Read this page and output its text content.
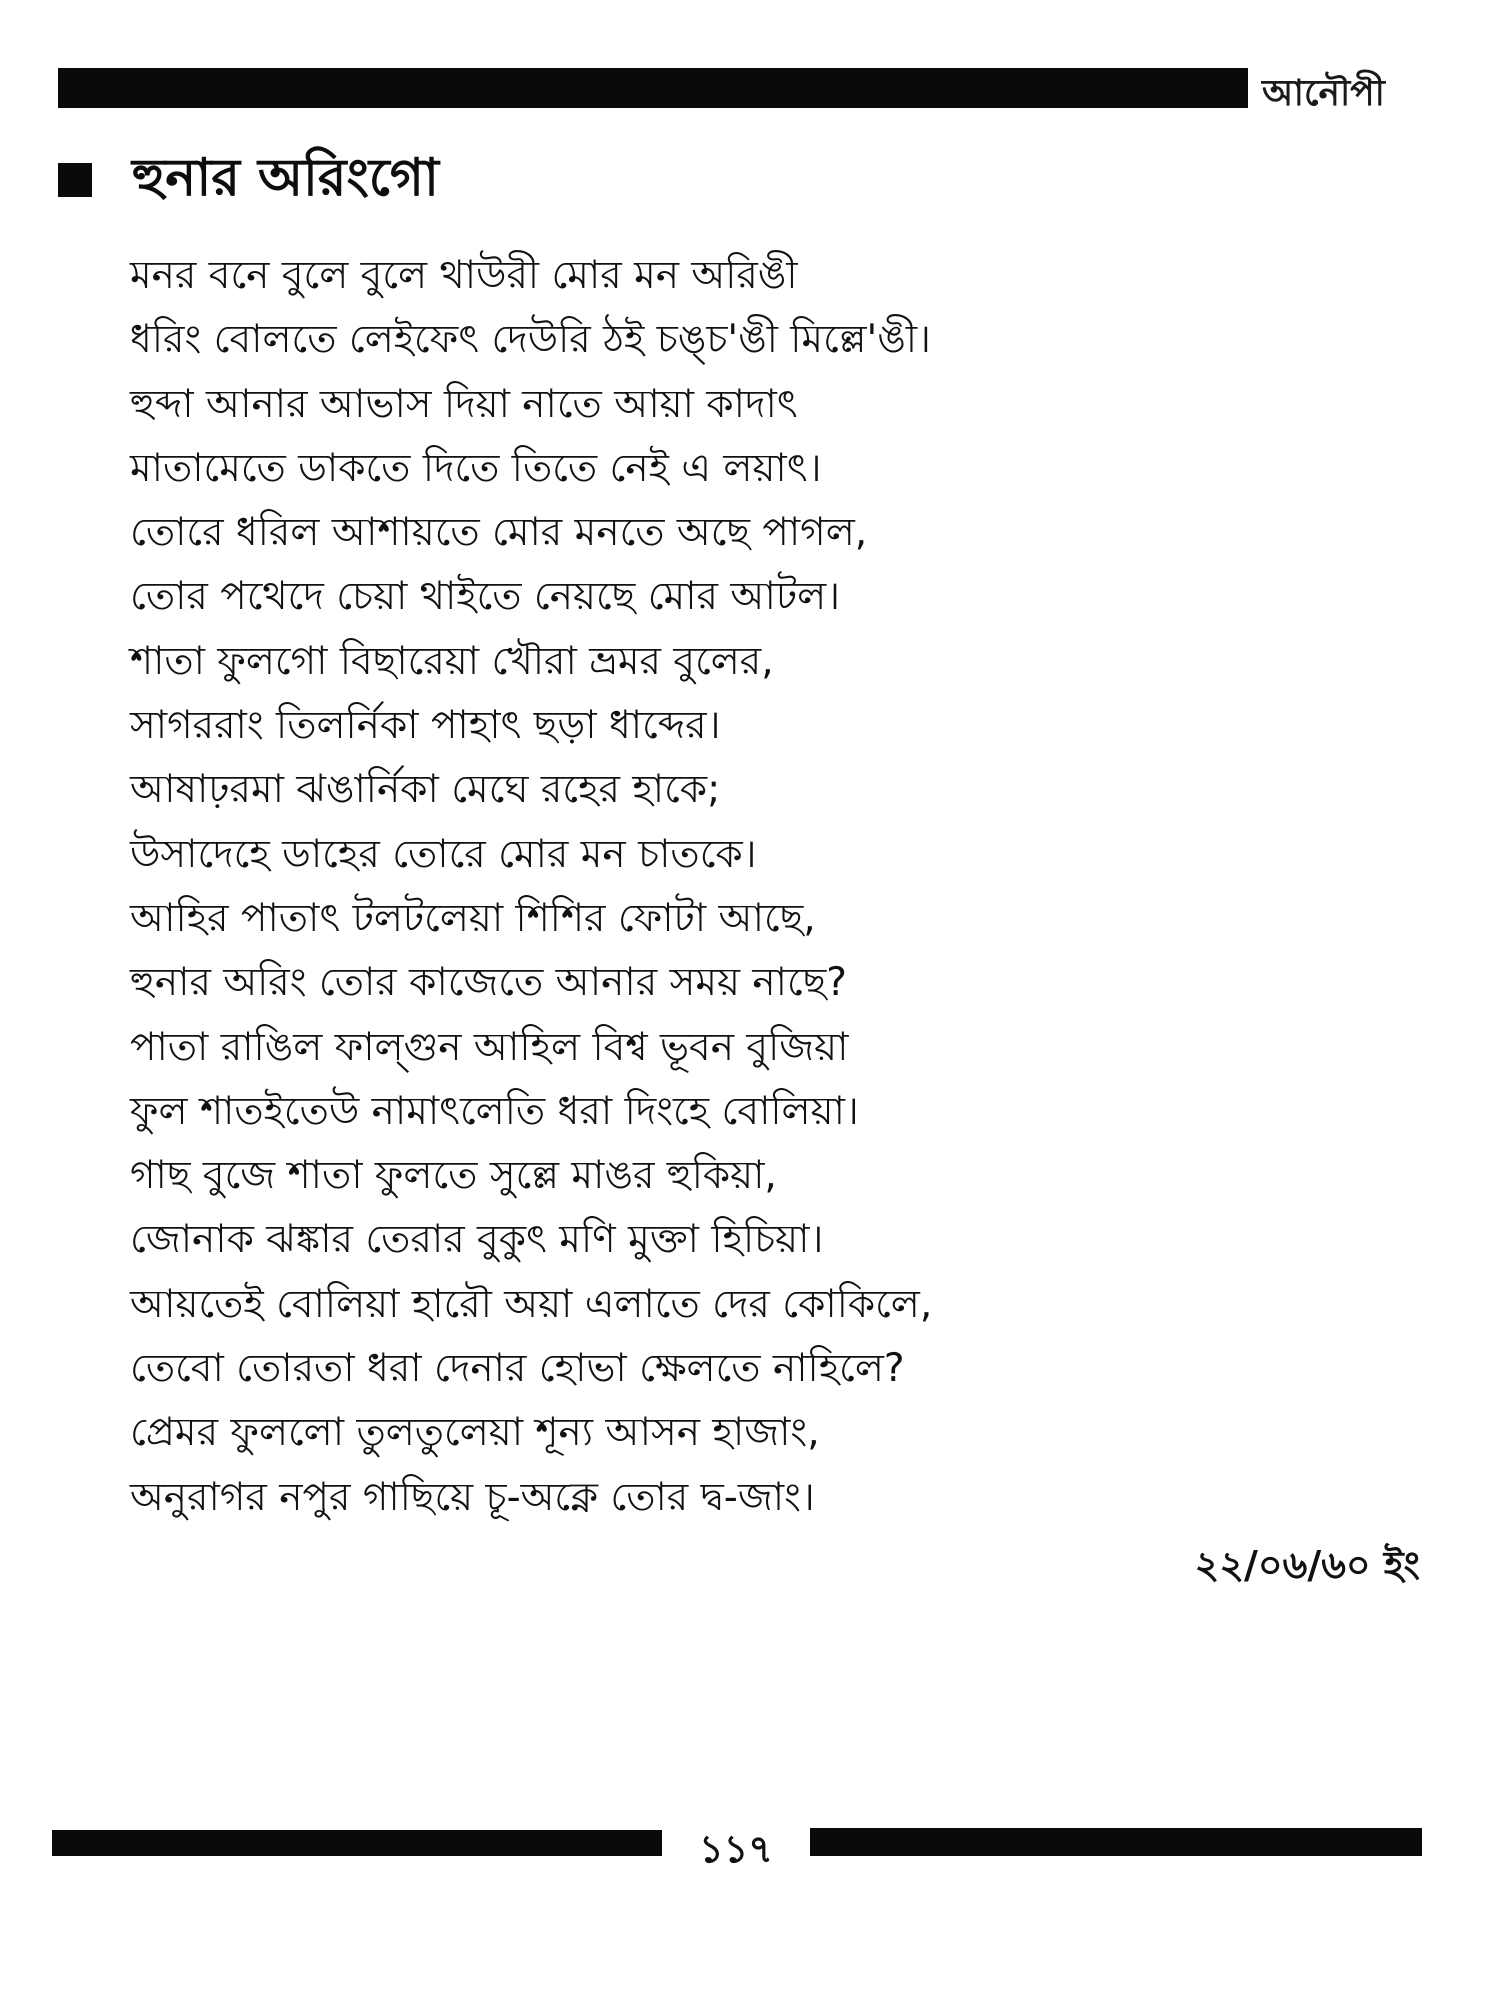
আনৌপী
হুনার অরিংগো
মনর বনে বুলে বুলে থাউরী মোর মন অরিঙী
ধরিং বোলতে লেইফেৎ দেউরি ঠই চঙ্চ'ঙী মিল্লে'ঙী।
হুব্দা আনার আভাস দিয়া নাতে আয়া কাদাৎ
মাতামেতে ডাকতে দিতে তিতে নেই এ লয়াৎ।
তোরে ধরিল আশায়তে মোর মনতে অছে পাগল,
তোর পথেদে চেয়া থাইতে নেয়ছে মোর আটল।
শাতা ফুলগো বিছারেয়া খৌরা ভ্রমর বুলের,
সাগররাং তিলর্নিকা পাহাৎ ছড়া ধাব্দের।
আষাঢ়রমা ঝঙার্নিকা মেঘে রহের হাকে;
উসাদেহে ডাহের তোরে মোর মন চাতকে।
আহির পাতাৎ টলটলেয়া শিশির ফোটা আছে,
হুনার অরিং তোর কাজেতে আনার সময় নাছে?
পাতা রাঙিল ফাল্গুন আহিল বিশ্ব ভূবন বুজিয়া
ফুল শাতইতেউ নামাৎলেতি ধরা দিংহে বোলিয়া।
গাছ বুজে শাতা ফুলতে সুল্লে মাঙর হুকিয়া,
জোনাক ঝঙ্কার তেরার বুকুৎ মণি মুক্তা হিচিয়া।
আয়তেই বোলিয়া হারৌ অয়া এলাতে দের কোকিলে,
তেবো তোরতা ধরা দেনার হোভা ক্ষেলতে নাহিলে?
প্রেমর ফুললো তুলতুলেয়া শূন্য আসন হাজাং,
অনুরাগর নপুর গাছিয়ে চূ-অক্নে তোর দ্ব-জাং।
২২/০৬/৬০ ইং
১১৭
